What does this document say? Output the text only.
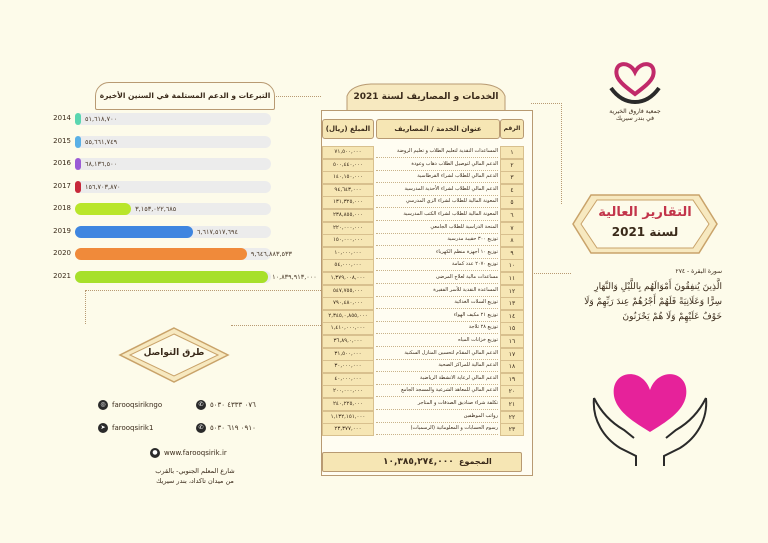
جمعية فاروق الخيرية
في بندر سيريك
التقارير العالية
لسنة 2021
سورة البقرة - ٢٧٤
الَّذِينَ يُنفِقُونَ أَمْوَالَهُم بِاللَّيْلِ وَالنَّهَارِ سِرًّا وَعَلَانِيَةً فَلَهُمْ أَجْرُهُمْ عِندَ رَبِّهِمْ وَلَا خَوْفٌ عَلَيْهِمْ وَلَا هُمْ يَحْزَنُونَ
التبرعات و الدعم المستلمة في السنين الأخيرة
2014 ٥١,٦١٨,٧٠٠
2015 ٥٥,٦٦١,٧٤٩
2016 ٦٨,١٣٦,٥٠٠
2017 ١٥٦,٧٠٣,٨٧٠
2018	٣,١٥٣,٠٢٢,٦٨٥
2019	٦,٦١٧,٥١٧,٦٩٤
2020	٩,٦٤٦,٨٨٣,٥٣٣
2021	١٠,٨٣٩,٩١٣,٠٠٠
الخدمات و المصاريف لسنة 2021
الرقم
عنوان الخدمة / المصاريف
المبلغ (ريال)
١
المساعدات النقدية لتعليم الطلاب و تعليم الروضة
٧١,٥٠٠,٠٠٠
٢
الدعم المالي لتوصيل الطلاب ذهاب وعودة
٥٠٠,٤٤٠,٠٠٠
٣
الدعم المالي للطلاب لشراء القرطاسية
١٤٠,١٥٠,٠٠٠
٤
الدعم المالي للطلاب لشراء الأحذية المدرسية
٩٤,٦٤٣,٠٠٠
٥
المعونة المالية للطلاب لشراء الزي المدرسي
١٣١,٣٢٥,٠٠٠
٦
المعونة المالية للطلاب لشراء الكتب المدرسية
٢٣٨,٨٥٥,٠٠٠
٧
المنحة الدراسية للطلاب الجامعي
٢٢٠,٠٠٠,٠٠٠
٨
توزيع ٣٠٠ حقيبة مدرسية
١٥٠,٠٠٠,٠٠٠
٩
توزيع ١٠ أجهزة منظم الكهرباء
١٠,٠٠٠,٠٠٠
١٠
توزيع ٢٠٧٠ عدد كمامة
٥٤,٠٠٠,٠٠٠
١١
مساعدات مالية لعلاج المرضى
١,٣٧٩,٠٠٨,٠٠٠
١٢
المساعدة النقدية للأسر الفقيرة
٥٤٧,٧٥٥,٠٠٠
١٣
توزيع السلات الغذائية
٧٩٠,٤٨٠,٠٠٠
١٤
توزيع ٢١ مكيف الهواء
٢,٣٤٥,٠,٨٥٥,٠٠٠
١٥
توزيع ٢٨ ثلاجة
١,٤١٠,٠٠٠,٠٠٠
١٦
توزيع خزانات المياه
٣٦,٨٩,٠,٠٠٠
١٧
الدعم المالي المقدّم لتحسين المنازل السكنية
٣١,٥٠٠,٠٠٠
١٨
الدعم المالية للمراكز الصحية
٣٠,٠٠٠,٠٠٠
١٩
الدعم المالي لرعاية الانشطة الرياضية
٤٠,٠٠٠,٠٠٠
٢٠
الدعم المالي للمعاهد الشرعية والمسجد الجامع
٢٠٠,٠٠٠,٠٠٠
٢١
تكلفة شراء صناديق الصدقات و المتاجر
٢٤٠,٢٢٥,٠٠٠
٢٢
رواتب الموظفين
١,١٣٢,١٥١,٠٠٠
٢٣
رسوم الحسابات و المعلوماتية (الرسميات)
٢٣,٣٧٧,٠٠٠
١٠,٣٨٥,٢٧٤,٠٠٠ المجموع
طرق التواصل
◎ farooqsirikngo
➤ farooqsirik1
✆ ٠٧٦ ٤٣٣٣ ٥٠٣٠
✆ ٠٩١٠ ٦١٩ ٥٠٣٠
● www.farooqsirik.ir
شارع المعلم الجنوبي- بالقرب
من ميدان تاكداد، بندر سيريك
